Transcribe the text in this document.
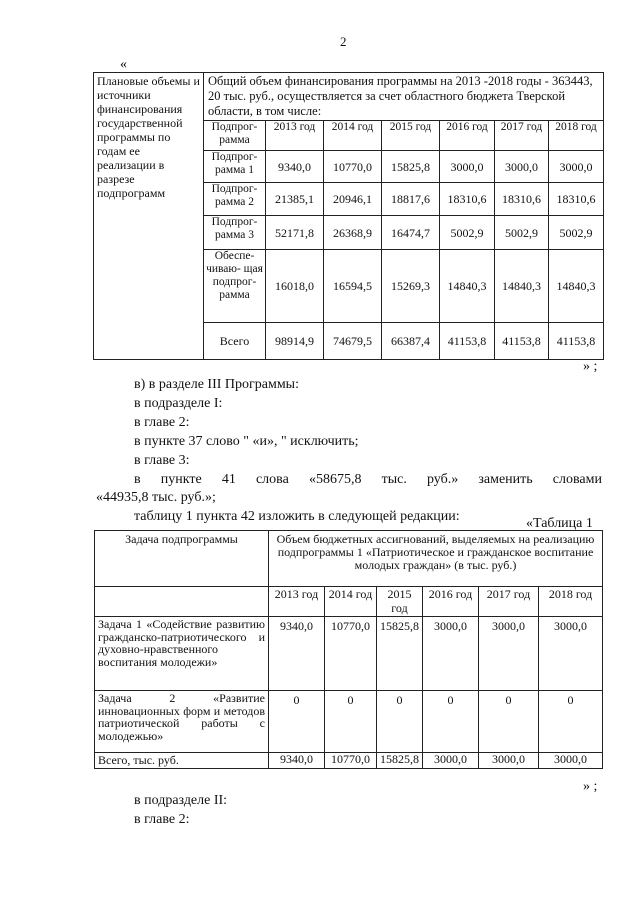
2
«
Плановые объемы и источники финансирования государственной программы по годам ее реализации в разрезе подпрограмм	Общий объем финансирования программы на 2013 -2018 годы - 363443, 20 тыс. руб., осуществляется за счет областного бюджета Тверской области, в том числе:						
	Подпрог- рамма	2013 год	2014 год	2015 год	2016 год	2017 год	2018 год
	Подпрог- рамма 1	9340,0	10770,0	15825,8	3000,0	3000,0	3000,0
	Подпрог- рамма 2	21385,1	20946,1	18817,6	18310,6	18310,6	18310,6
	Подпрог- рамма 3	52171,8	26368,9	16474,7	5002,9	5002,9	5002,9
	Обеспе- чиваю- щая подпрог- рамма	16018,0	16594,5	15269,3	14840,3	14840,3	14840,3
	Всего	98914,9	74679,5	66387,4	41153,8	41153,8	41153,8
» ;
в) в разделе III Программы:
в подразделе I:
в главе 2:
в пункте 37 слово " «и», " исключить;
в главе 3:
в пункте 41 слова «58675,8 тыс. руб.» заменить словами
«44935,8 тыс. руб.»;
таблицу 1 пункта 42 изложить в следующей редакции:	«Таблица 1
Задача подпрограммы	Объем бюджетных ассигнований, выделяемых на реализацию подпрограммы 1 «Патриотическое и гражданское воспитание молодых граждан» (в тыс. руб.)					
	2013 год	2014 год	2015 год	2016 год	2017 год	2018 год
Задача 1 «Содействие развитию гражданско-патриотического и духовно-нравственного воспитания молодежи»	9340,0	10770,0	15825,8	3000,0	3000,0	3000,0
Задача 2 «Развитие инновационных форм и методов патриотической работы с молодежью»	0	0	0	0	0	0
Всего, тыс. руб.	9340,0	10770,0	15825,8	3000,0	3000,0	3000,0
» ;
в подразделе II:
в главе 2:
